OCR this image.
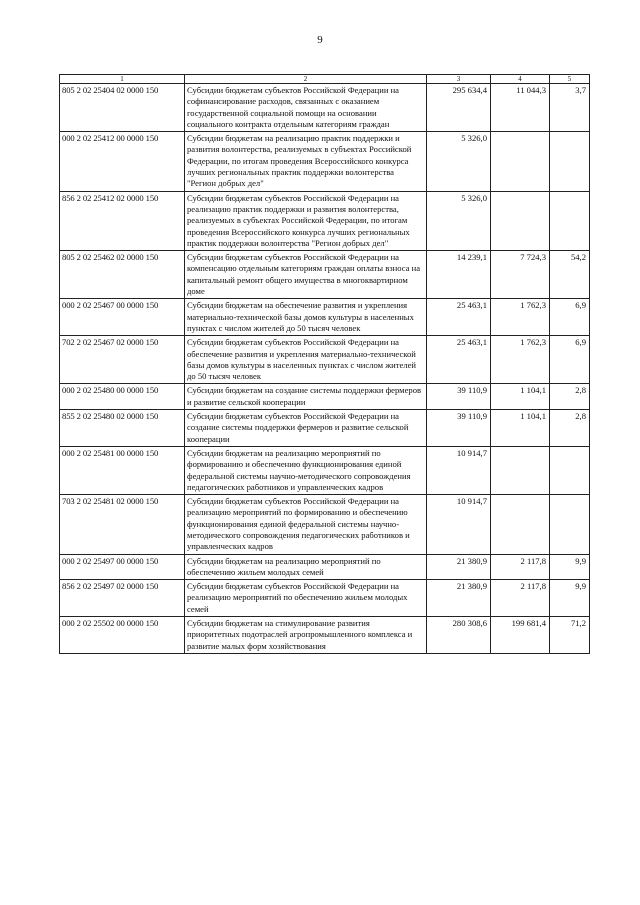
9
1	2	3	4	5
805 2 02 25404 02 0000 150	Субсидии бюджетам субъектов Российской Федерации на софинансирование расходов, связанных с оказанием государственной социальной помощи на основании социального контракта отдельным категориям граждан	295 634,4	11 044,3	3,7
000 2 02 25412 00 0000 150	Субсидии бюджетам на реализацию практик поддержки и развития волонтерства, реализуемых в субъектах Российской Федерации, по итогам проведения Всероссийского конкурса лучших региональных практик поддержки волонтерства "Регион добрых дел"	5 326,0		
856 2 02 25412 02 0000 150	Субсидии бюджетам субъектов Российской Федерации на реализацию практик поддержки и развития волонтерства, реализуемых в субъектах Российской Федерации, по итогам проведения Всероссийского конкурса лучших региональных практик поддержки волонтерства "Регион добрых дел"	5 326,0		
805 2 02 25462 02 0000 150	Субсидии бюджетам субъектов Российской Федерации на компенсацию отдельным категориям граждан оплаты взноса на капитальный ремонт общего имущества в многоквартирном доме	14 239,1	7 724,3	54,2
000 2 02 25467 00 0000 150	Субсидии бюджетам на обеспечение развития и укрепления материально-технической базы домов культуры в населенных пунктах с числом жителей до 50 тысяч человек	25 463,1	1 762,3	6,9
702 2 02 25467 02 0000 150	Субсидии бюджетам субъектов Российской Федерации на обеспечение развития и укрепления материально-технической базы домов культуры в населенных пунктах с числом жителей до 50 тысяч человек	25 463,1	1 762,3	6,9
000 2 02 25480 00 0000 150	Субсидии бюджетам на создание системы поддержки фермеров и развитие сельской кооперации	39 110,9	1 104,1	2,8
855 2 02 25480 02 0000 150	Субсидии бюджетам субъектов Российской Федерации на создание системы поддержки фермеров и развитие сельской кооперации	39 110,9	1 104,1	2,8
000 2 02 25481 00 0000 150	Субсидии бюджетам на реализацию мероприятий по формированию и обеспечению функционирования единой федеральной системы научно-методического сопровождения педагогических работников и управленческих кадров	10 914,7		
703 2 02 25481 02 0000 150	Субсидии бюджетам субъектов Российской Федерации на реализацию мероприятий по формированию и обеспечению функционирования единой федеральной системы научно-методического сопровождения педагогических работников и управленческих кадров	10 914,7		
000 2 02 25497 00 0000 150	Субсидии бюджетам на реализацию мероприятий по обеспечению жильем молодых семей	21 380,9	2 117,8	9,9
856 2 02 25497 02 0000 150	Субсидии бюджетам субъектов Российской Федерации на реализацию мероприятий по обеспечению жильем молодых семей	21 380,9	2 117,8	9,9
000 2 02 25502 00 0000 150	Субсидии бюджетам на стимулирование развития приоритетных подотраслей агропромышленного комплекса и развитие малых форм хозяйствования	280 308,6	199 681,4	71,2
